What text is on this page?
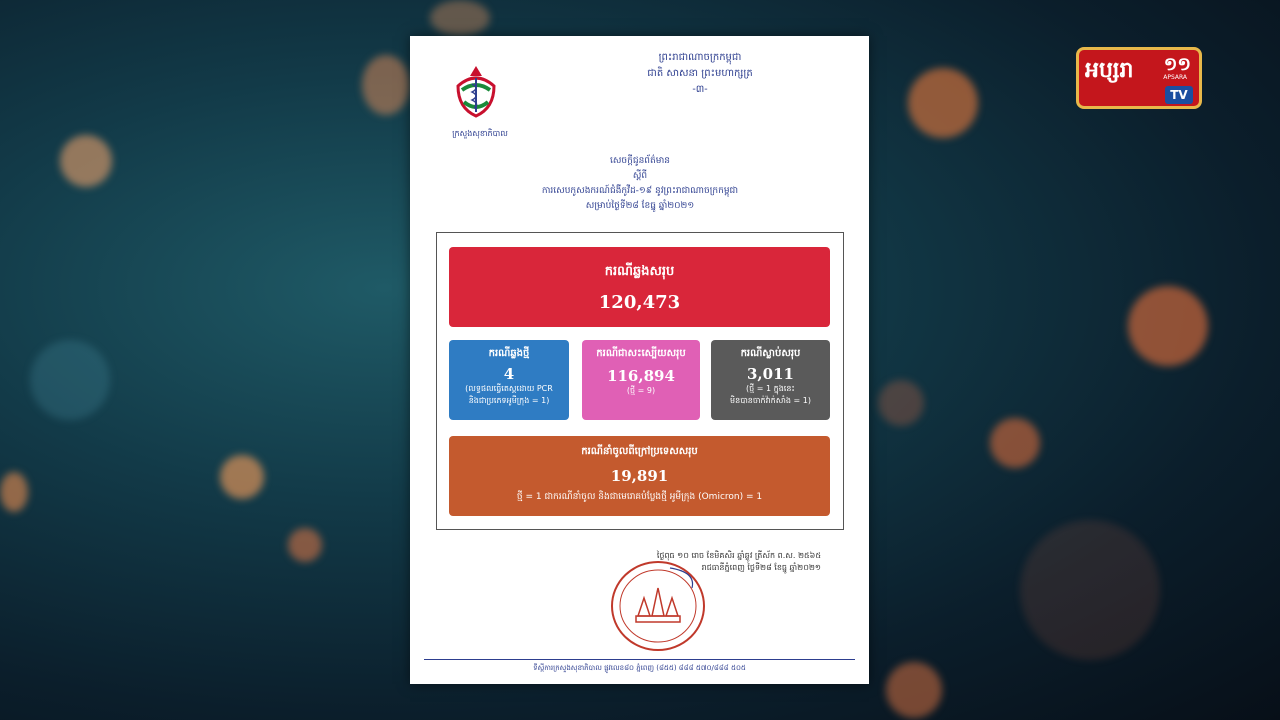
ព្រះរាជាណាចក្រកម្ពុជា
ជាតិ សាសនា ព្រះមហាក្សត្រ
-៣-
ក្រសួងសុខាភិបាល
សេចក្ដីជូនព័ត៌មាន
ស្ដីពី
ការសេបកូសងករណ៍ជំងឺកូវីដ-១៩ នូវព្រះរាជាណាចក្រកម្ពុជា
សម្រាប់ថ្ងៃទី២៨ ខែធ្នូ ឆ្នាំ២០២១
ករណីឆ្លងសរុប
120,473
ករណីឆ្លងថ្មី
4
(លទ្ធផលធ្វើតេស្តដោយ PCR
និងជាប្រភេទអូមីក្រុង = 1)
ករណីជាសះស្បើយសរុប
116,894
(ថ្មី = 9)
ករណីស្លាប់សរុប
3,011
(ថ្មី = 1 ក្នុងនេះ
មិនបានចាក់វ៉ាក់សាំង = 1)
ករណីនាំចូលពីក្រៅប្រទេសសរុប
19,891
ថ្មី = 1 ជាករណីនាំចូល និងជាមេរោគបំប្លែងថ្មី អូមីក្រុង (Omicron) = 1
ថ្ងៃពុធ ១០ រោច ខែមិគសិរ ឆ្នាំឆ្លូវ ត្រីស័ក ព.ស. ២៥៦៥
រាជធានីភ្នំពេញ ថ្ងៃទី២៨ ខែធ្នូ ឆ្នាំ២០២១
ទីស្ដីការក្រសួងសុខាភិបាល ផ្លូវលេខ៨០ ភ្នំពេញ (៨៥៥) ៨៨៨ ៥៧០/៨៨៨ ៥០៥
អប្សរា ១១
APSARA
TV
